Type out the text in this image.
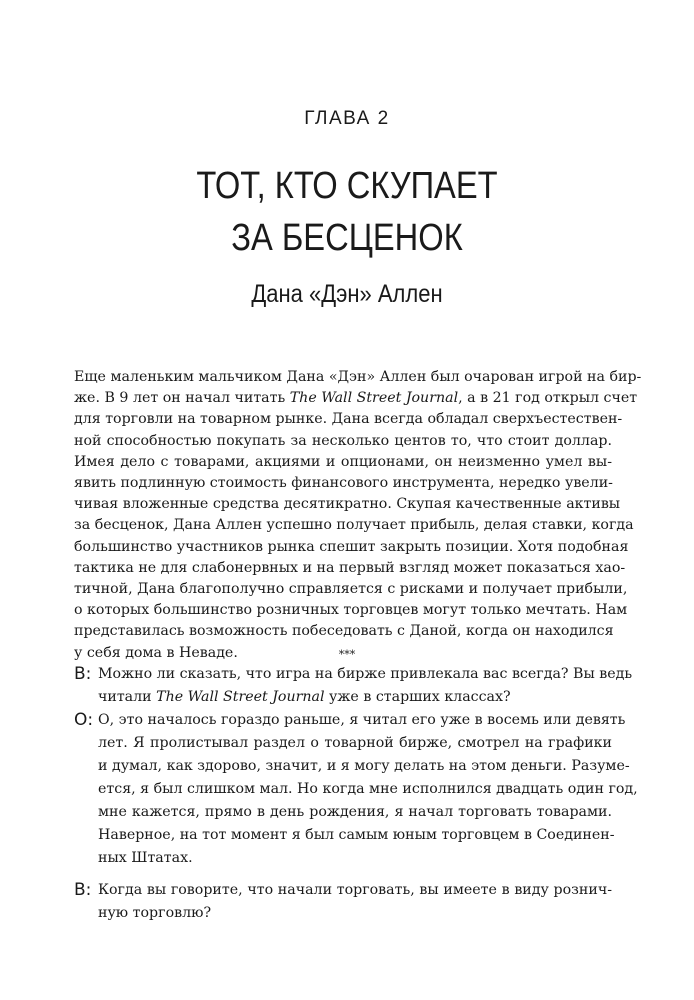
ГЛАВА 2
ТОТ, КТО СКУПАЕТ
ЗА БЕСЦЕНОК
Дана «Дэн» Аллен
Еще маленьким мальчиком Дана «Дэн» Аллен был очарован игрой на бир-
же. В 9 лет он начал читать The Wall Street Journal, а в 21 год открыл счет
для торговли на товарном рынке. Дана всегда обладал сверхъестествен-
ной способностью покупать за несколько центов то, что стоит доллар.
Имея дело с товарами, акциями и опционами, он неизменно умел вы-
явить подлинную стоимость финансового инструмента, нередко увели-
чивая вложенные средства десятикратно. Скупая качественные активы
за бесценок, Дана Аллен успешно получает прибыль, делая ставки, когда
большинство участников рынка спешит закрыть позиции. Хотя подобная
тактика не для слабонервных и на первый взгляд может показаться хао-
тичной, Дана благополучно справляется с рисками и получает прибыли,
о которых большинство розничных торговцев могут только мечтать. Нам
представилась возможность побеседовать с Даной, когда он находился
у себя дома в Неваде.	***
В: Можно ли сказать, что игра на бирже привлекала вас всегда? Вы ведь
читали The Wall Street Journal уже в старших классах?
О: О, это началось гораздо раньше, я читал его уже в восемь или девять
лет. Я пролистывал раздел о товарной бирже, смотрел на графики
и думал, как здорово, значит, и я могу делать на этом деньги. Разуме-
ется, я был слишком мал. Но когда мне исполнился двадцать один год,
мне кажется, прямо в день рождения, я начал торговать товарами.
Наверное, на тот момент я был самым юным торговцем в Соединен-
ных Штатах.
В: Когда вы говорите, что начали торговать, вы имеете в виду рознич-
ную торговлю?
